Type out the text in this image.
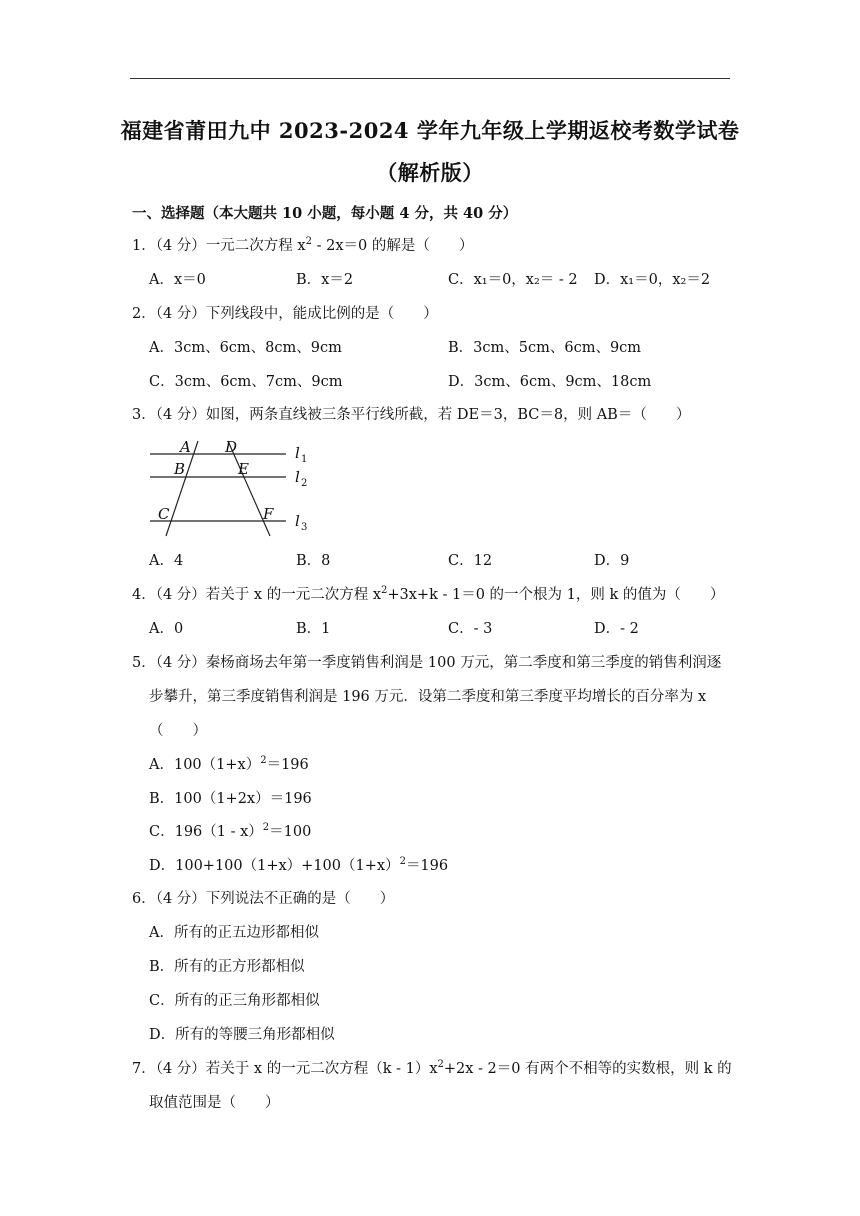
福建省莆田九中 2023-2024 学年九年级上学期返校考数学试卷
（解析版）
一、选择题（本大题共 10 小题，每小题 4 分，共 40 分）
1．（4 分）一元二次方程 $x^2 - 2x=0$ 的解是（　　）
A．x＝0	B．x＝2	C．x₁＝0，x₂＝ - 2 D．x₁＝0，x₂＝2
2．（4 分）下列线段中，能成比例的是（　　）
A．3cm、6cm、8cm、9cm	B．3cm、5cm、6cm、9cm
C．3cm、6cm、7cm、9cm	D．3cm、6cm、9cm、18cm
3．（4 分）如图，两条直线被三条平行线所截，若 DE＝3，BC＝8，则 AB＝（　　）
A
B
C
D
E
F
l
l
l
1
2
3
A．4	B．8	C．12	D．9
4．（4 分）若关于 x 的一元二次方程 $x^2+3x+k - 1=0$ 的一个根为 1，则 k 的值为（　　）
A．0	B．1	C．- 3	D．- 2
5．（4 分）秦杨商场去年第一季度销售利润是 100 万元，第二季度和第三季度的销售利润逐
步攀升，第三季度销售利润是 196 万元．设第二季度和第三季度平均增长的百分率为 x
（　　）
A．$100(1+x)^2=196$
B．100（1+2x）＝196
C．196（1 - x）$^2$＝100
D．$100+100(1+x)+100(1+x)^2=196$
6．（4 分）下列说法不正确的是（　　）
A．所有的正五边形都相似
B．所有的正方形都相似
C．所有的正三角形都相似
D．所有的等腰三角形都相似
7．（4 分）若关于 x 的一元二次方程$(k - 1)x^2+2x - 2=0$ 有两个不相等的实数根，则 k 的
取值范围是（　　）
